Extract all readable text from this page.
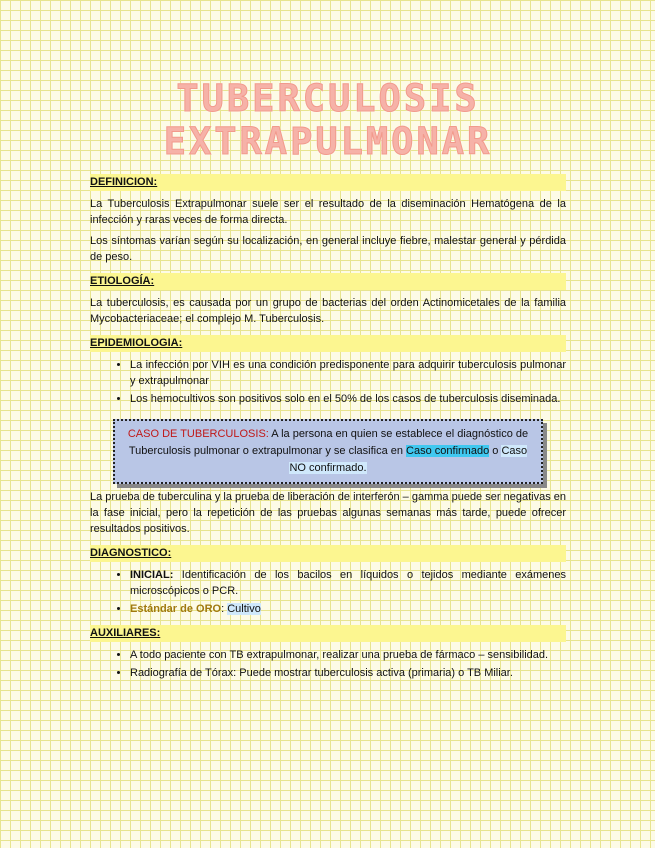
TUBERCULOSIS
EXTRAPULMONAR
DEFINICION:

La Tuberculosis Extrapulmonar suele ser el resultado de la diseminación Hematógena de la infección y raras veces de forma directa.

Los síntomas varían según su localización, en general incluye fiebre, malestar general y pérdida de peso.

ETIOLOGÍA:

La tuberculosis, es causada por un grupo de bacterias del orden Actinomicetales de la familia Mycobacteriaceae; el complejo M. Tuberculosis.

EPIDEMIOLOGIA:
• La infección por VIH es una condición predisponente para adquirir tuberculosis pulmonar y extrapulmonar
• Los hemocultivos son positivos solo en el 50% de los casos de tuberculosis diseminada.
CASO DE TUBERCULOSIS: A la persona en quien se establece el diagnóstico de Tuberculosis pulmonar o extrapulmonar y se clasifica en Caso confirmado o Caso NO confirmado.

La prueba de tuberculina y la prueba de liberación de interferón – gamma puede ser negativas en la fase inicial, pero la repetición de las pruebas algunas semanas más tarde, puede ofrecer resultados positivos.

DIAGNOSTICO:
• INICIAL: Identificación de los bacilos en líquidos o tejidos mediante exámenes microscópicos o PCR.
• Estándar de ORO: Cultivo
AUXILIARES:
• A todo paciente con TB extrapulmonar, realizar una prueba de fármaco – sensibilidad.
• Radiografía de Tórax: Puede mostrar tuberculosis activa (primaria) o TB Miliar.
